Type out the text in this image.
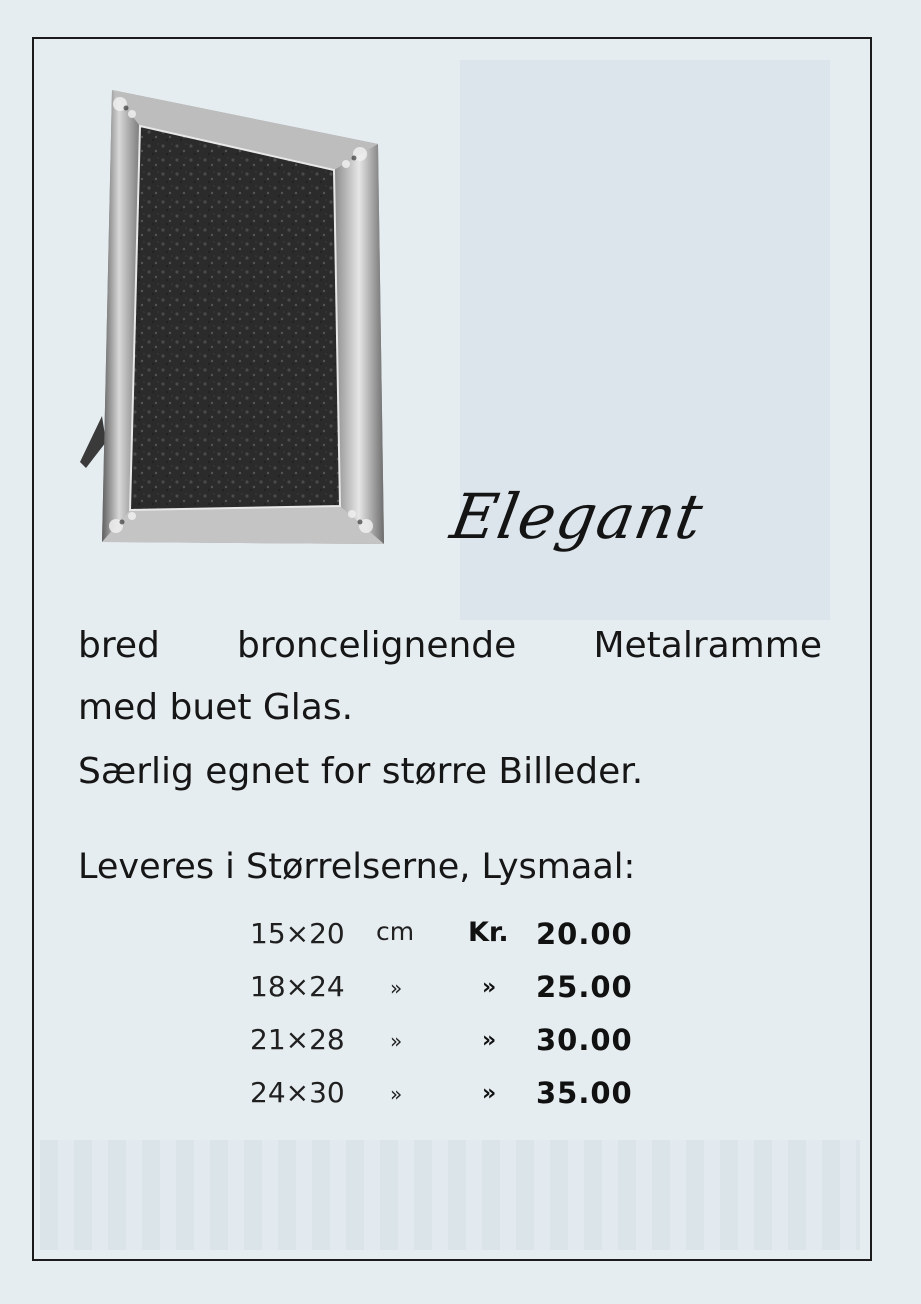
Elegant
bred broncelignende Metalramme
med buet Glas.
Særlig egnet for større Billeder.
Leveres i Størrelserne, Lysmaal:
15×20 cm Kr. 20.00
18×24 »	» 25.00
21×28 »	» 30.00
24×30 »	» 35.00
